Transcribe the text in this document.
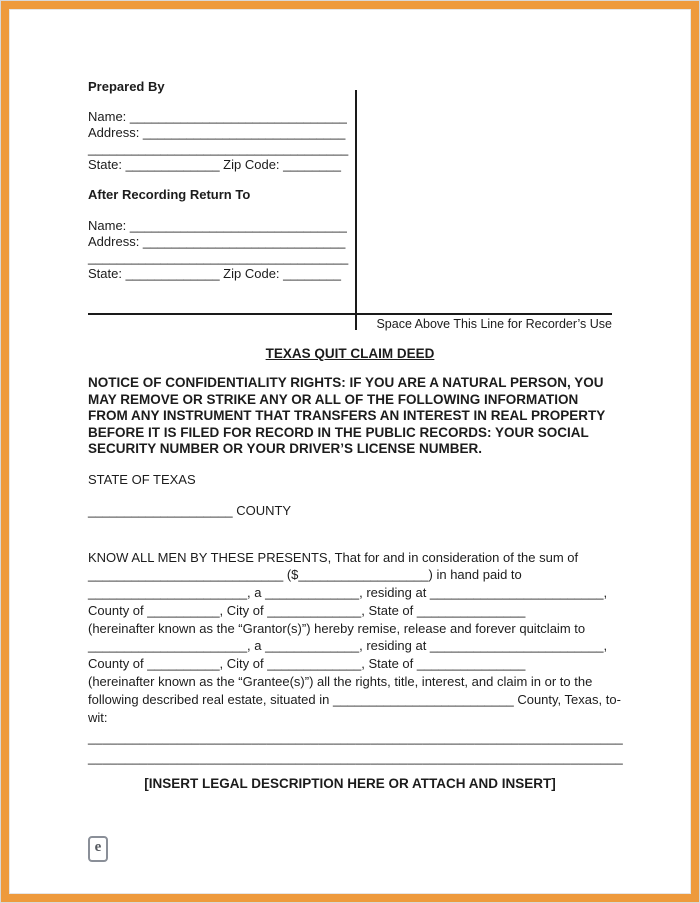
Prepared By
Name: ______________________________
Address: ____________________________
____________________________________
State: _____________ Zip Code: ________
After Recording Return To
Name: ______________________________
Address: ____________________________
____________________________________
State: _____________ Zip Code: ________
Space Above This Line for Recorder’s Use
TEXAS QUIT CLAIM DEED
NOTICE OF CONFIDENTIALITY RIGHTS: IF YOU ARE A NATURAL PERSON, YOU
MAY REMOVE OR STRIKE ANY OR ALL OF THE FOLLOWING INFORMATION
FROM ANY INSTRUMENT THAT TRANSFERS AN INTEREST IN REAL PROPERTY
BEFORE IT IS FILED FOR RECORD IN THE PUBLIC RECORDS: YOUR SOCIAL
SECURITY NUMBER OR YOUR DRIVER’S LICENSE NUMBER.
STATE OF TEXAS
____________________ COUNTY
KNOW ALL MEN BY THESE PRESENTS, That for and in consideration of the sum of
___________________________ ($__________________) in hand paid to
______________________, a _____________, residing at ________________________,
County of __________, City of _____________, State of _______________
(hereinafter known as the “Grantor(s)”) hereby remise, release and forever quitclaim to
______________________, a _____________, residing at ________________________,
County of __________, City of _____________, State of _______________
(hereinafter known as the “Grantee(s)”) all the rights, title, interest, and claim in or to the
following described real estate, situated in _________________________ County, Texas, to-
wit:
________________________________________________________________________
________________________________________________________________________
[INSERT LEGAL DESCRIPTION HERE OR ATTACH AND INSERT]
e
